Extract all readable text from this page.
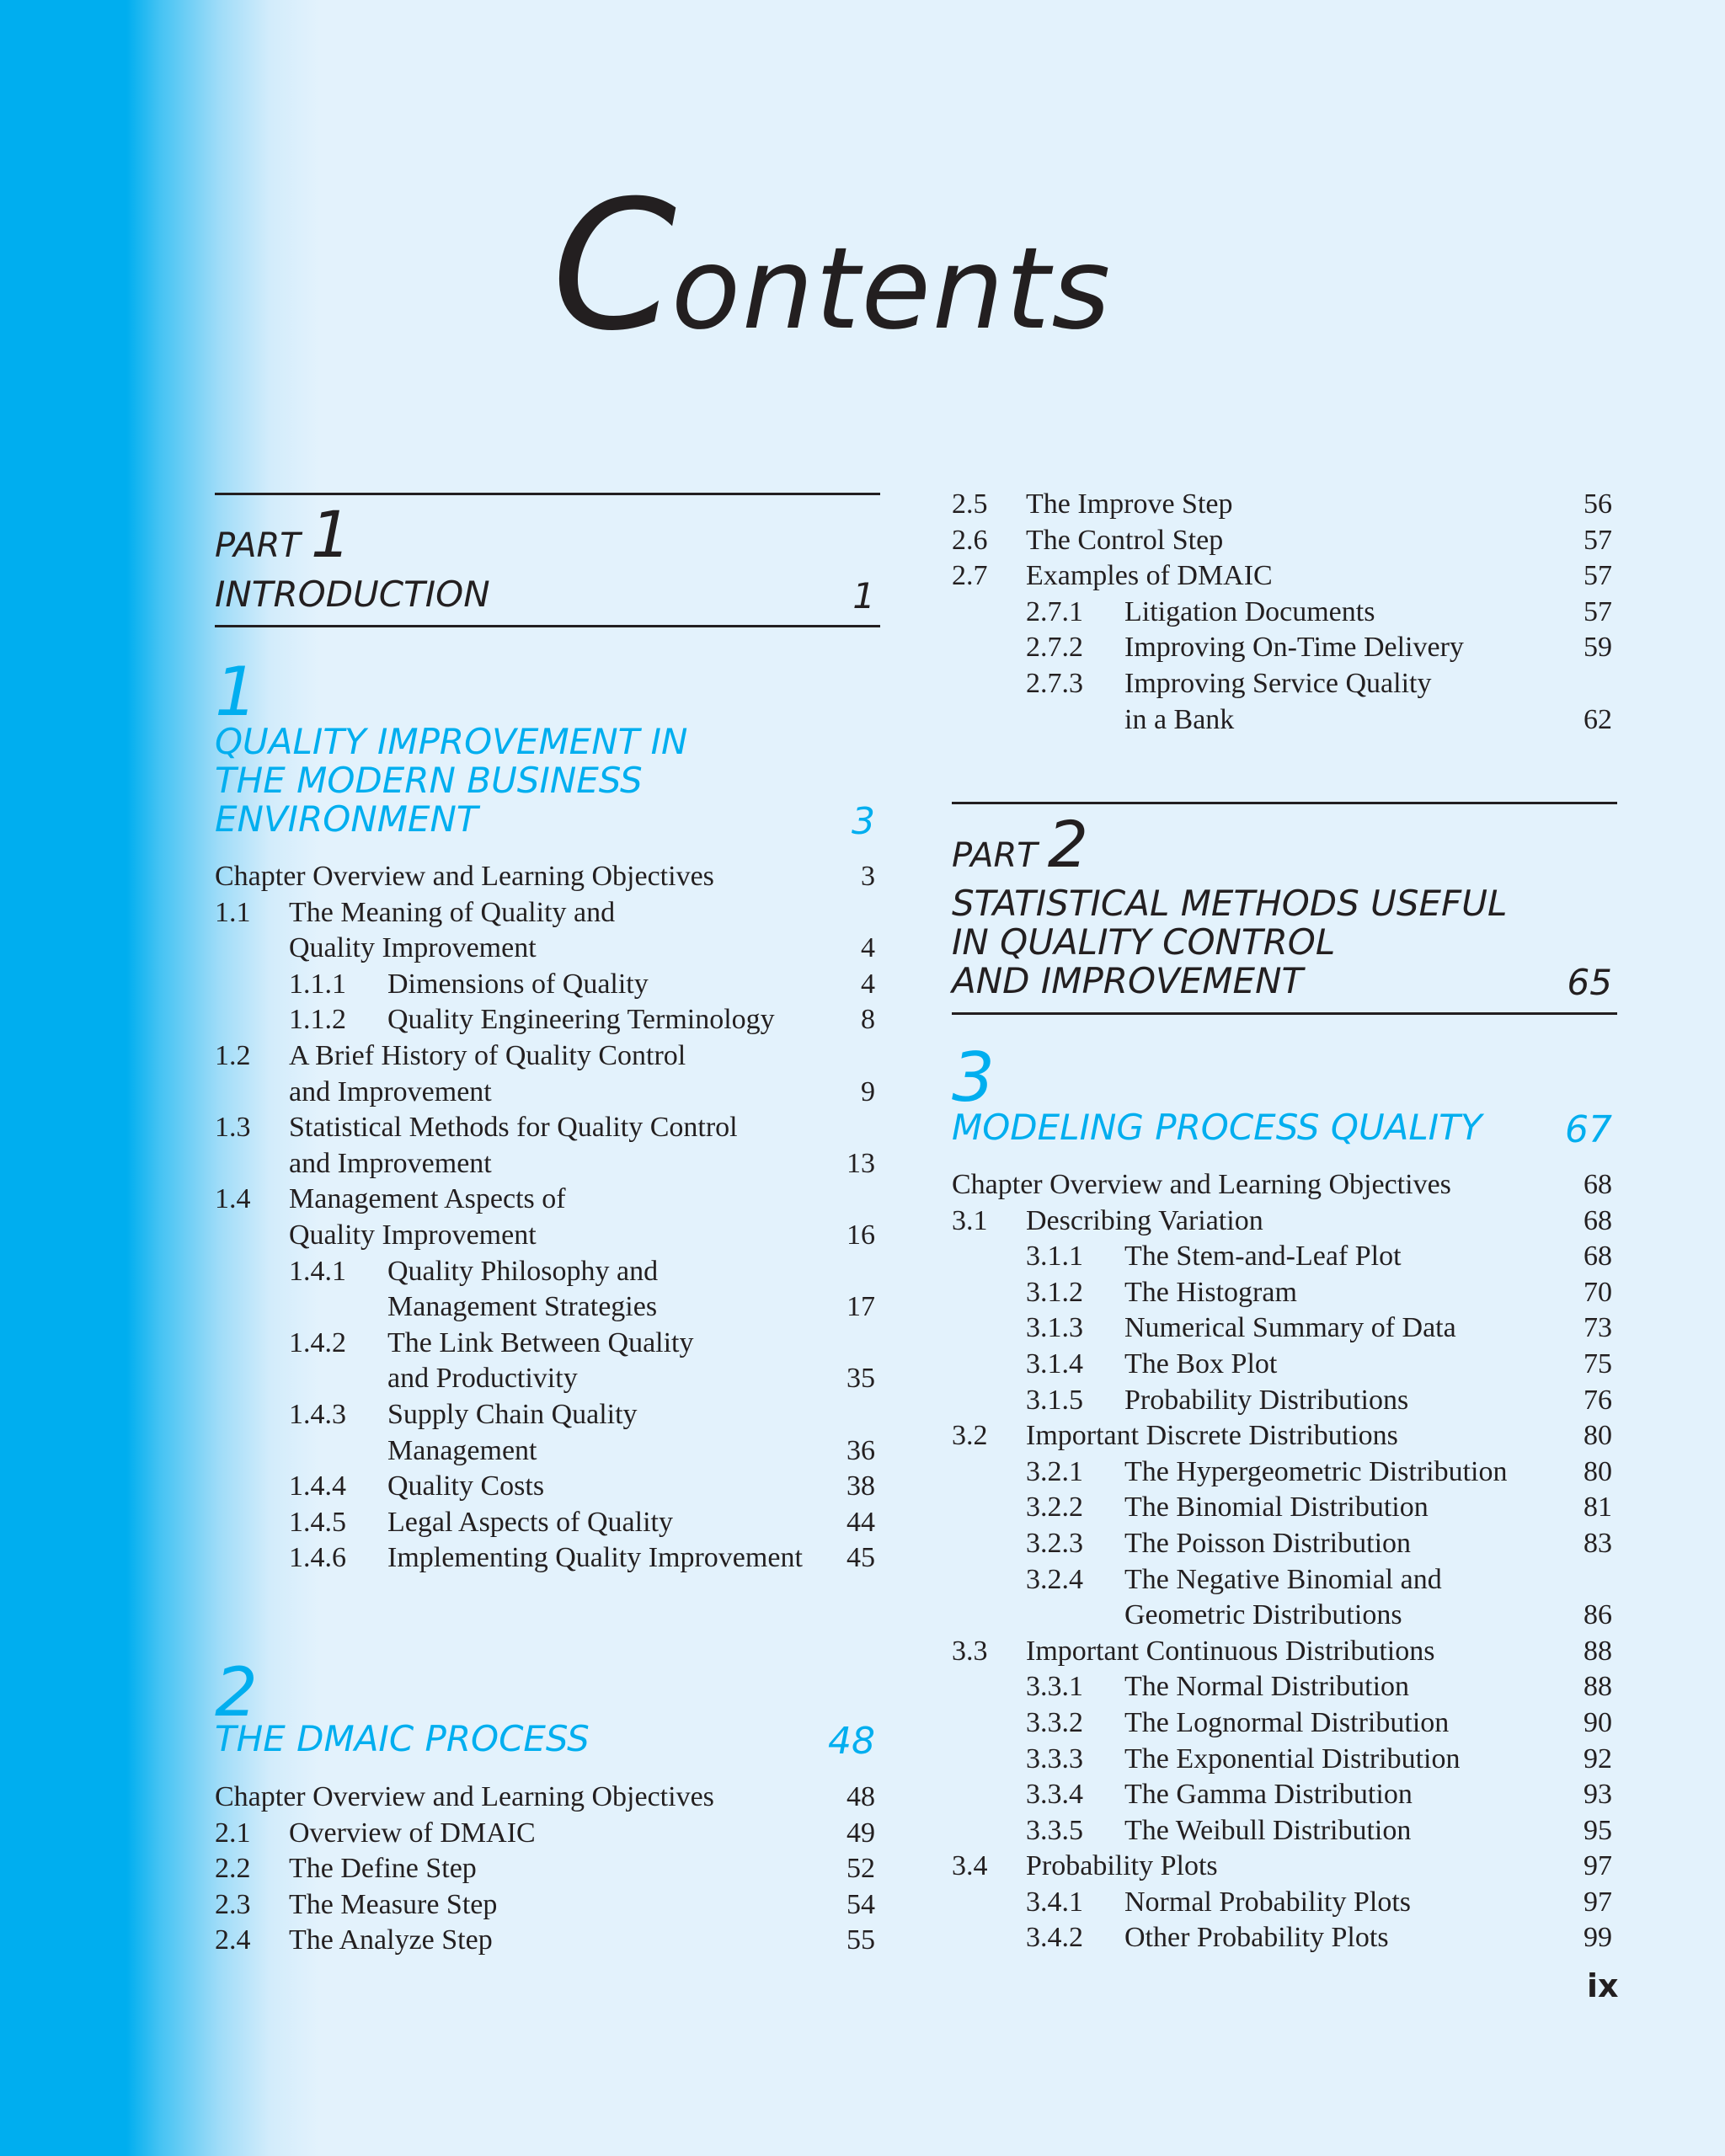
Contents
PART 1
INTRODUCTION	1
1
QUALITY IMPROVEMENT IN
THE MODERN BUSINESS
ENVIRONMENT	3
Chapter Overview and Learning Objectives	3
1.1 The Meaning of Quality and
Quality Improvement	4
1.1.1 Dimensions of Quality	4
1.1.2 Quality Engineering Terminology	8
1.2 A Brief History of Quality Control
and Improvement	9
1.3 Statistical Methods for Quality Control
and Improvement	13
1.4 Management Aspects of
Quality Improvement	16
1.4.1 Quality Philosophy and
Management Strategies	17
1.4.2 The Link Between Quality
and Productivity	35
1.4.3 Supply Chain Quality
Management	36
1.4.4 Quality Costs	38
1.4.5 Legal Aspects of Quality	44
1.4.6 Implementing Quality Improvement 45
2
THE DMAIC PROCESS	48
Chapter Overview and Learning Objectives	48
2.1 Overview of DMAIC	49
2.2 The Define Step	52
2.3 The Measure Step	54
2.4 The Analyze Step	55
2.5 The Improve Step	56
2.6 The Control Step	57
2.7 Examples of DMAIC	57
2.7.1 Litigation Documents	57
2.7.2 Improving On-Time Delivery	59
2.7.3 Improving Service Quality
in a Bank	62
PART 2
STATISTICAL METHODS USEFUL
IN QUALITY CONTROL
AND IMPROVEMENT	65
3
MODELING PROCESS QUALITY	67
Chapter Overview and Learning Objectives	68
3.1 Describing Variation	68
3.1.1 The Stem-and-Leaf Plot	68
3.1.2 The Histogram	70
3.1.3 Numerical Summary of Data	73
3.1.4 The Box Plot	75
3.1.5 Probability Distributions	76
3.2 Important Discrete Distributions	80
3.2.1 The Hypergeometric Distribution	80
3.2.2 The Binomial Distribution	81
3.2.3 The Poisson Distribution	83
3.2.4 The Negative Binomial and
Geometric Distributions	86
3.3 Important Continuous Distributions	88
3.3.1 The Normal Distribution	88
3.3.2 The Lognormal Distribution	90
3.3.3 The Exponential Distribution	92
3.3.4 The Gamma Distribution	93
3.3.5 The Weibull Distribution	95
3.4 Probability Plots	97
3.4.1 Normal Probability Plots	97
3.4.2 Other Probability Plots	99
ix
